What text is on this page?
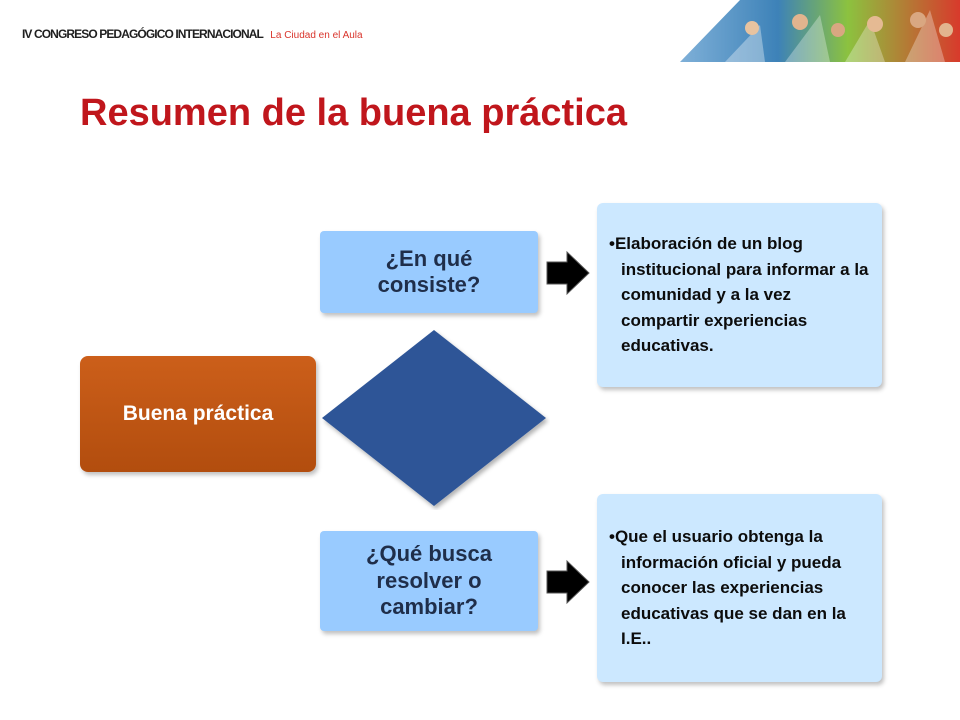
IV CONGRESO PEDAGÓGICO INTERNACIONAL La Ciudad en el Aula
Resumen de la buena práctica
Buena práctica
¿En qué
consiste?
¿Qué busca
resolver o
cambiar?

•Elaboración de un blog institucional para informar a la comunidad y a la vez compartir experiencias educativas.

•Que el usuario obtenga la información oficial y pueda conocer las experiencias educativas que se dan en la I.E..
